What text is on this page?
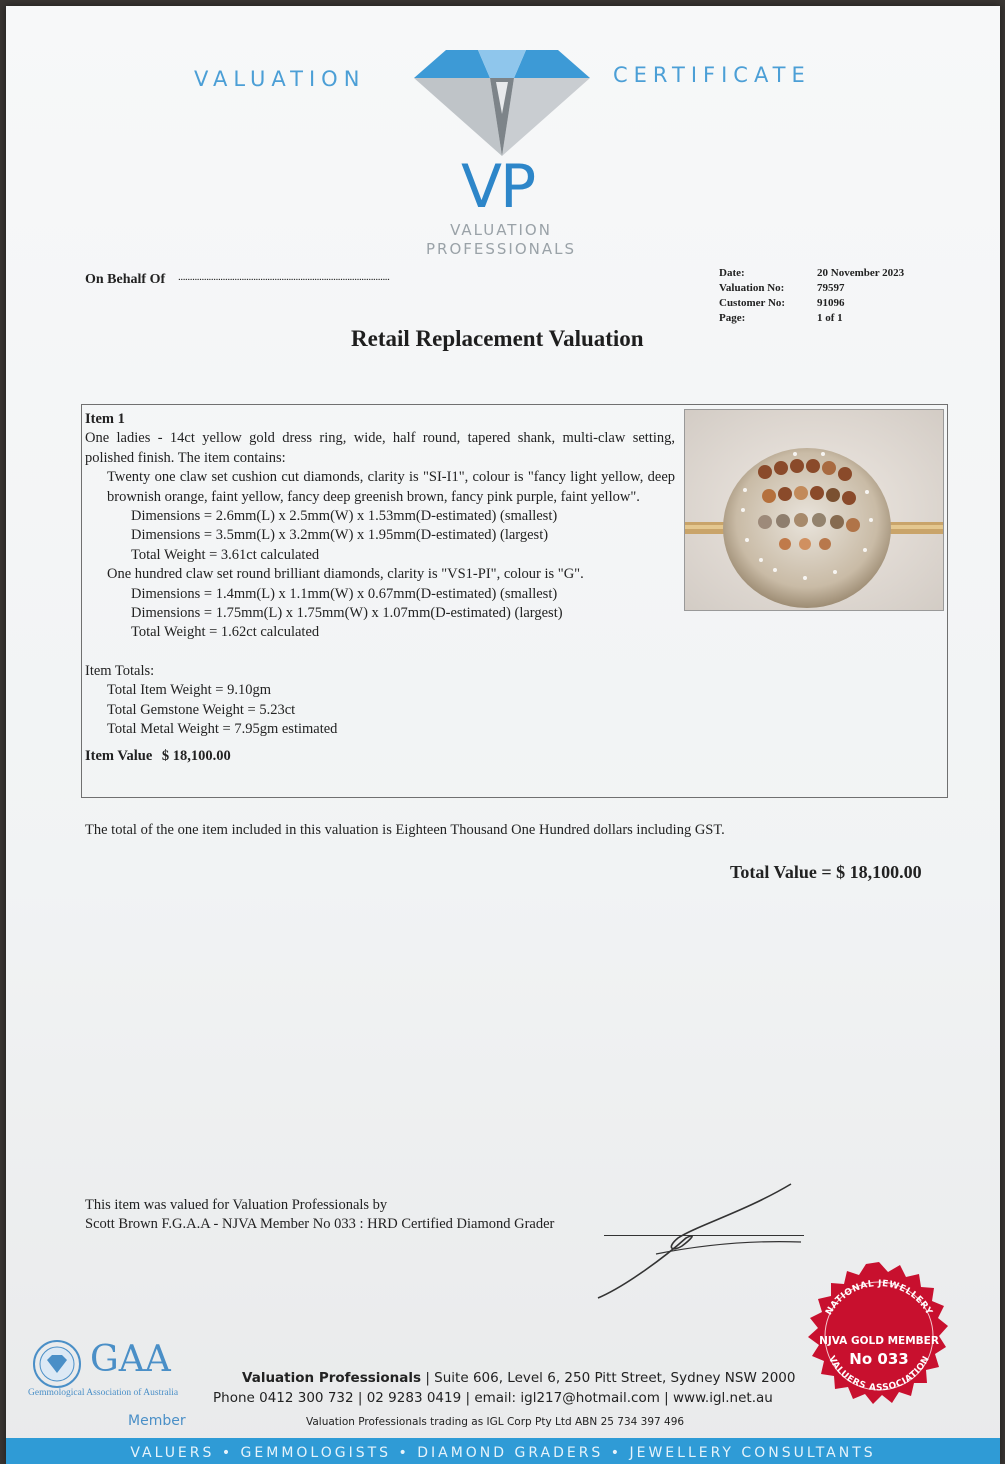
VALUATION	CERTIFICATE
VP
VALUATION
PROFESSIONALS
On Behalf Of ..........................................................................................	Date:
Valuation No:
Customer No:
Page:
20 November 2023
79597
91096
1 of 1
Retail Replacement Valuation
Item 1
One ladies - 14ct yellow gold dress ring, wide, half round, tapered shank, multi-claw setting, polished finish. The item contains:
Twenty one claw set cushion cut diamonds, clarity is "SI-I1", colour is "fancy light yellow, deep brownish orange, faint yellow, fancy deep greenish brown, fancy pink purple, faint yellow".
Dimensions = 2.6mm(L) x 2.5mm(W) x 1.53mm(D-estimated) (smallest)
Dimensions = 3.5mm(L) x 3.2mm(W) x 1.95mm(D-estimated) (largest)
Total Weight = 3.61ct calculated
One hundred claw set round brilliant diamonds, clarity is "VS1-PI", colour is "G".
Dimensions = 1.4mm(L) x 1.1mm(W) x 0.67mm(D-estimated) (smallest)
Dimensions = 1.75mm(L) x 1.75mm(W) x 1.07mm(D-estimated) (largest)
Total Weight = 1.62ct calculated
Item Totals:
Total Item Weight = 9.10gm
Total Gemstone Weight = 5.23ct
Total Metal Weight = 7.95gm estimated
Item Value $ 18,100.00
The total of the one item included in this valuation is Eighteen Thousand One Hundred dollars including GST.
Total Value = $ 18,100.00
This item was valued for Valuation Professionals by
Scott Brown F.G.A.A - NJVA Member No 033 : HRD Certified Diamond Grader
GAA
Gemmological Association of Australia
Member
Valuation Professionals | Suite 606, Level 6, 250 Pitt Street, Sydney NSW 2000
Phone 0412 300 732 | 02 9283 0419 | email: igl217@hotmail.com | www.igl.net.au
Valuation Professionals trading as IGL Corp Pty Ltd ABN 25 734 397 496
NATIONAL JEWELLERY
VALUERS ASSOCIATION
NJVA GOLD MEMBER
No 033
VALUERS • GEMMOLOGISTS • DIAMOND GRADERS • JEWELLERY CONSULTANTS
